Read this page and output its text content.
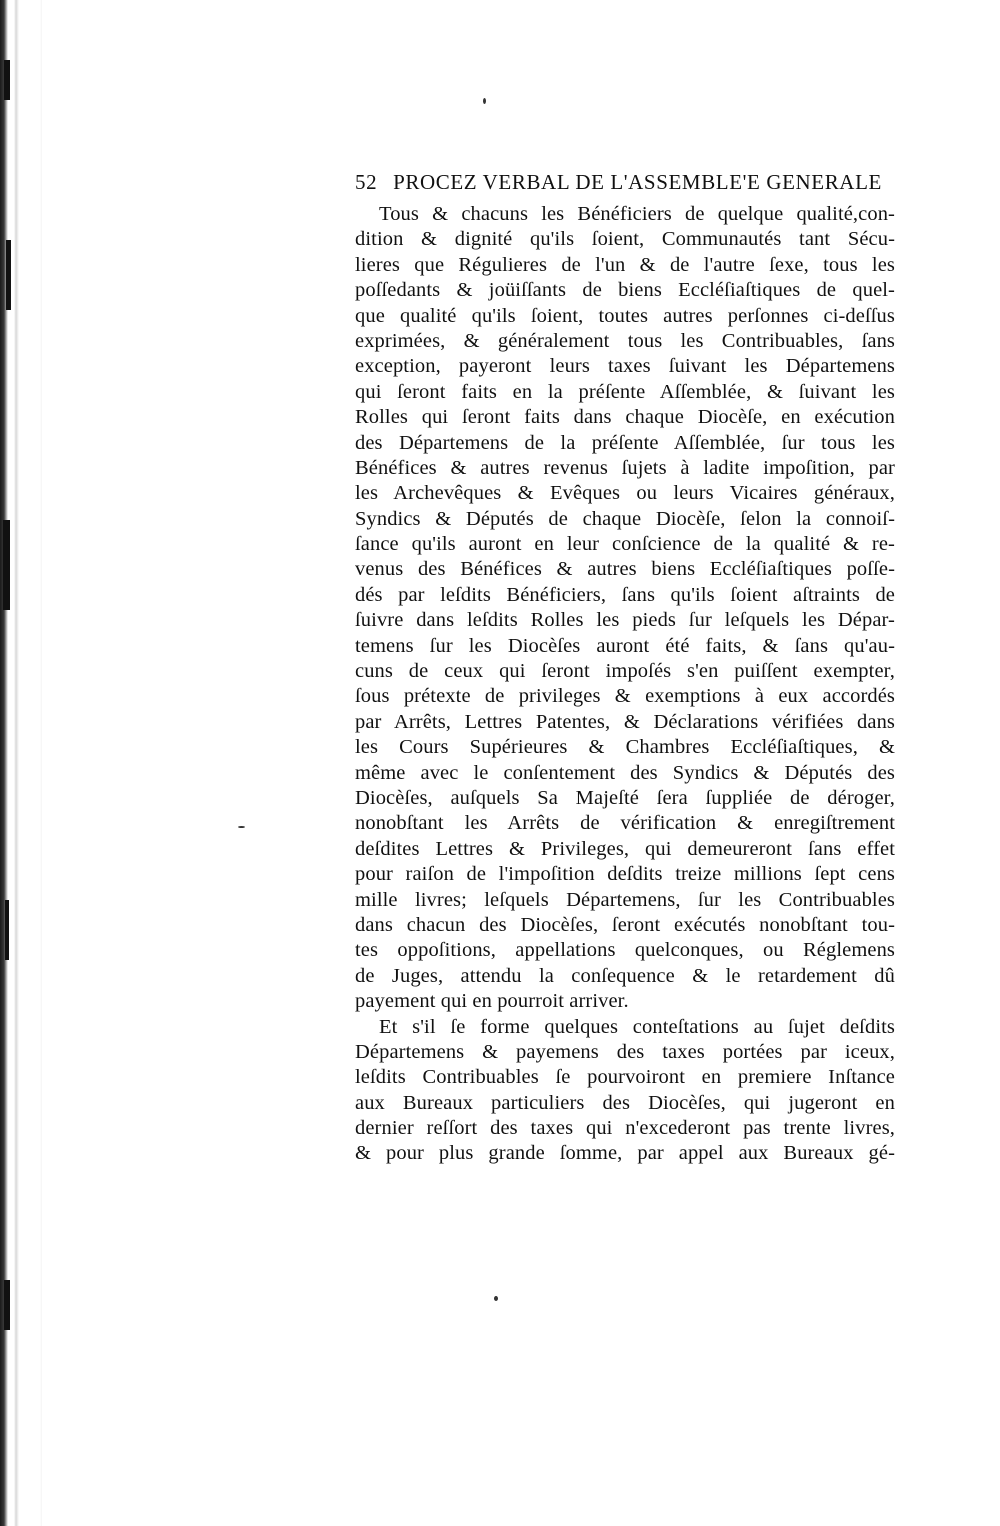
52 PROCEZ VERBAL DE L'ASSEMBLE'E GENERALE
Tous & chacuns les Bénéficiers de quelque qualité,con-
dition & dignité qu'ils ſoient, Communautés tant Sécu-
lieres que Régulieres de l'un & de l'autre ſexe, tous les
poſſedants & joüiſſants de biens Eccléſiaſtiques de quel-
que qualité qu'ils ſoient, toutes autres perſonnes ci-deſſus
exprimées, & généralement tous les Contribuables, ſans
exception, payeront leurs taxes ſuivant les Départemens
qui ſeront faits en la préſente Aſſemblée, & ſuivant les
Rolles qui ſeront faits dans chaque Diocèſe, en exécution
des Départemens de la préſente Aſſemblée, ſur tous les
Bénéfices & autres revenus ſujets à ladite impoſition, par
les Archevêques & Evêques ou leurs Vicaires généraux,
Syndics & Députés de chaque Diocèſe, ſelon la connoiſ-
ſance qu'ils auront en leur conſcience de la qualité & re-
venus des Bénéfices & autres biens Eccléſiaſtiques poſſe-
dés par leſdits Bénéficiers, ſans qu'ils ſoient aſtraints de
ſuivre dans leſdits Rolles les pieds ſur leſquels les Dépar-
temens ſur les Diocèſes auront été faits, & ſans qu'au-
cuns de ceux qui ſeront impoſés s'en puiſſent exempter,
ſous prétexte de privileges & exemptions à eux accordés
par Arrêts, Lettres Patentes, & Déclarations vérifiées dans
les Cours Supérieures & Chambres Eccléſiaſtiques, &
même avec le conſentement des Syndics & Députés des
Diocèſes, auſquels Sa Majeſté ſera ſuppliée de déroger,
nonobſtant les Arrêts de vérification & enregiſtrement
deſdites Lettres & Privileges, qui demeureront ſans effet
pour raiſon de l'impoſition deſdits treize millions ſept cens
mille livres; leſquels Départemens, ſur les Contribuables
dans chacun des Diocèſes, ſeront exécutés nonobſtant tou-
tes oppoſitions, appellations quelconques, ou Réglemens
de Juges, attendu la conſequence & le retardement dû
payement qui en pourroit arriver.
Et s'il ſe forme quelques conteſtations au ſujet deſdits
Départemens & payemens des taxes portées par iceux,
leſdits Contribuables ſe pourvoiront en premiere Inſtance
aux Bureaux particuliers des Diocèſes, qui jugeront en
dernier reſſort des taxes qui n'excederont pas trente livres,
& pour plus grande ſomme, par appel aux Bureaux gé-
